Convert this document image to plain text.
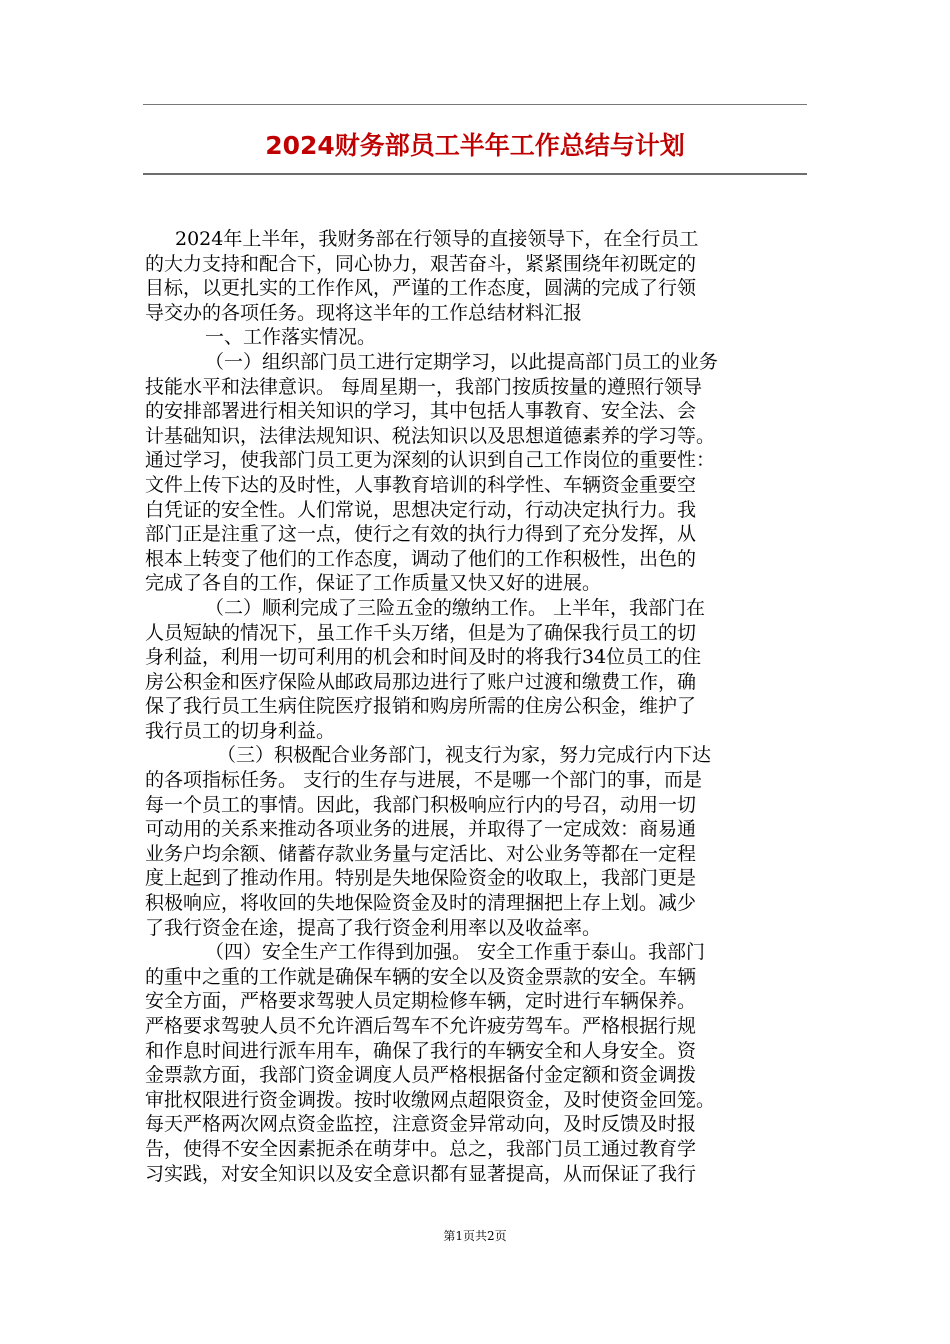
2024财务部员工半年工作总结与计划
2024年上半年，我财务部在行领导的直接领导下，在全行员工
的大力支持和配合下，同心协力，艰苦奋斗，紧紧围绕年初既定的
目标，以更扎实的工作作风，严谨的工作态度，圆满的完成了行领
导交办的各项任务。现将这半年的工作总结材料汇报
一、工作落实情况。
（一）组织部门员工进行定期学习，以此提高部门员工的业务
技能水平和法律意识。 每周星期一，我部门按质按量的遵照行领导
的安排部署进行相关知识的学习，其中包括人事教育、安全法、会
计基础知识，法律法规知识、税法知识以及思想道德素养的学习等。
通过学习，使我部门员工更为深刻的认识到自己工作岗位的重要性：
文件上传下达的及时性，人事教育培训的科学性、车辆资金重要空
白凭证的安全性。人们常说，思想决定行动，行动决定执行力。我
部门正是注重了这一点，使行之有效的执行力得到了充分发挥，从
根本上转变了他们的工作态度，调动了他们的工作积极性，出色的
完成了各自的工作，保证了工作质量又快又好的进展。
（二）顺利完成了三险五金的缴纳工作。 上半年，我部门在
人员短缺的情况下，虽工作千头万绪，但是为了确保我行员工的切
身利益，利用一切可利用的机会和时间及时的将我行34位员工的住
房公积金和医疗保险从邮政局那边进行了账户过渡和缴费工作，确
保了我行员工生病住院医疗报销和购房所需的住房公积金，维护了
我行员工的切身利益。
（三）积极配合业务部门，视支行为家，努力完成行内下达
的各项指标任务。 支行的生存与进展，不是哪一个部门的事，而是
每一个员工的事情。因此，我部门积极响应行内的号召，动用一切
可动用的关系来推动各项业务的进展，并取得了一定成效：商易通
业务户均余额、储蓄存款业务量与定活比、对公业务等都在一定程
度上起到了推动作用。特别是失地保险资金的收取上，我部门更是
积极响应，将收回的失地保险资金及时的清理捆把上存上划。减少
了我行资金在途，提高了我行资金利用率以及收益率。
（四）安全生产工作得到加强。 安全工作重于泰山。我部门
的重中之重的工作就是确保车辆的安全以及资金票款的安全。车辆
安全方面，严格要求驾驶人员定期检修车辆，定时进行车辆保养。
严格要求驾驶人员不允许酒后驾车不允许疲劳驾车。严格根据行规
和作息时间进行派车用车，确保了我行的车辆安全和人身安全。资
金票款方面，我部门资金调度人员严格根据备付金定额和资金调拨
审批权限进行资金调拨。按时收缴网点超限资金，及时使资金回笼。
每天严格两次网点资金监控，注意资金异常动向，及时反馈及时报
告，使得不安全因素扼杀在萌芽中。总之，我部门员工通过教育学
习实践，对安全知识以及安全意识都有显著提高，从而保证了我行
第1页共2页
